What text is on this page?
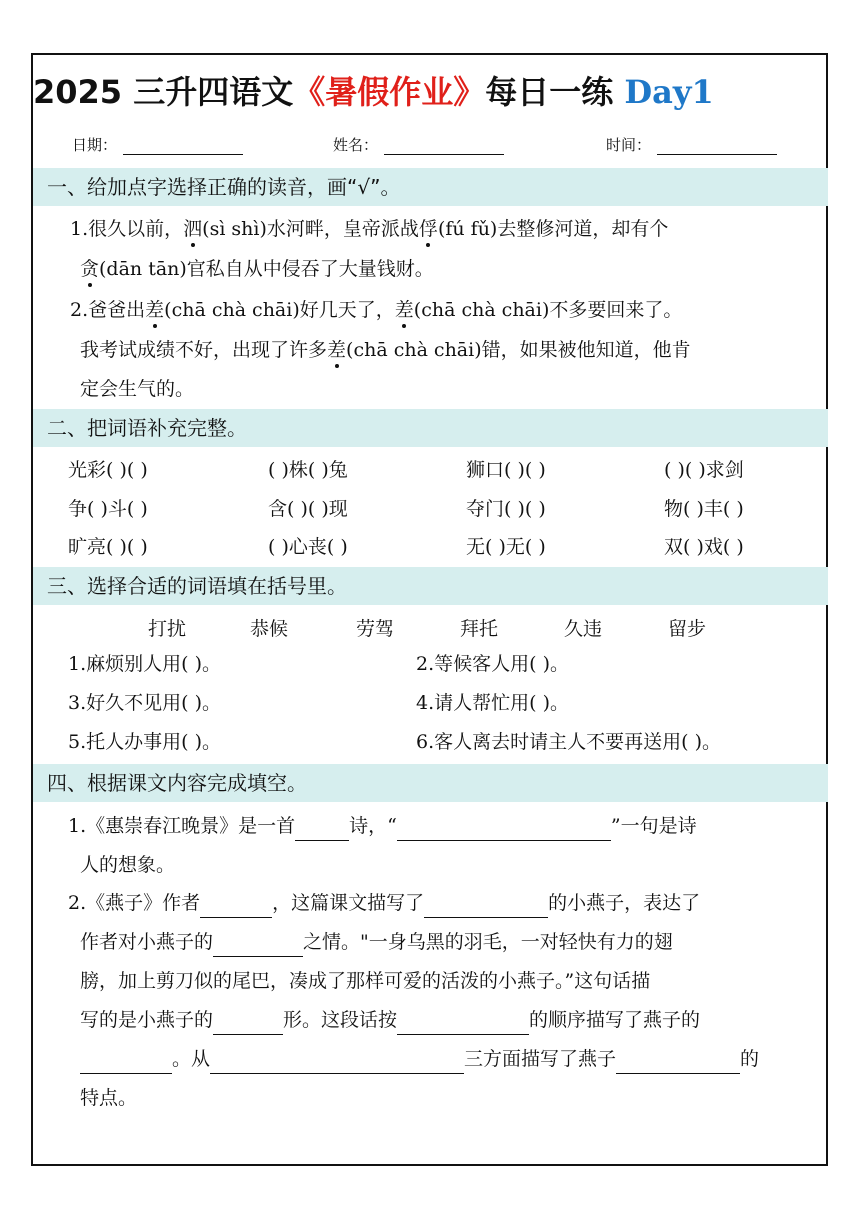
2025 三升四语文《暑假作业》每日一练 Day1
日期：	姓名：	时间：
一、给加点字选择正确的读音，画“√”。
1.很久以前，泗(sì shì)水河畔，皇帝派战俘(fú fǔ)去整修河道，却有个
贪(dān tān)官私自从中侵吞了大量钱财。
2.爸爸出差(chā chà chāi)好几天了，差(chā chà chāi)不多要回来了。
我考试成绩不好，出现了许多差(chā chà chāi)错，如果被他知道，他肯
定会生气的。
二、把词语补充完整。
光彩( )( )	( )株( )兔	狮口( )( )	( )( )求剑
争( )斗( )	含( )( )现	夺门( )( )	物( )丰( )
旷亮( )( )	( )心丧( )	无( )无( )	双( )戏( )
三、选择合适的词语填在括号里。
打扰	恭候	劳驾	拜托	久违	留步
1.麻烦别人用( )。	2.等候客人用( )。
3.好久不见用( )。	4.请人帮忙用( )。
5.托人办事用( )。	6.客人离去时请主人不要再送用( )。
四、根据课文内容完成填空。
1.《惠崇春江晚景》是一首	诗，“	”一句是诗
人的想象。
2.《燕子》作者	，这篇课文描写了	的小燕子，表达了
作者对小燕子的	之情。"一身乌黑的羽毛，一对轻快有力的翅
膀，加上剪刀似的尾巴，凑成了那样可爱的活泼的小燕子。”这句话描
写的是小燕子的	形。这段话按	的顺序描写了燕子的
。从	三方面描写了燕子	的
特点。
